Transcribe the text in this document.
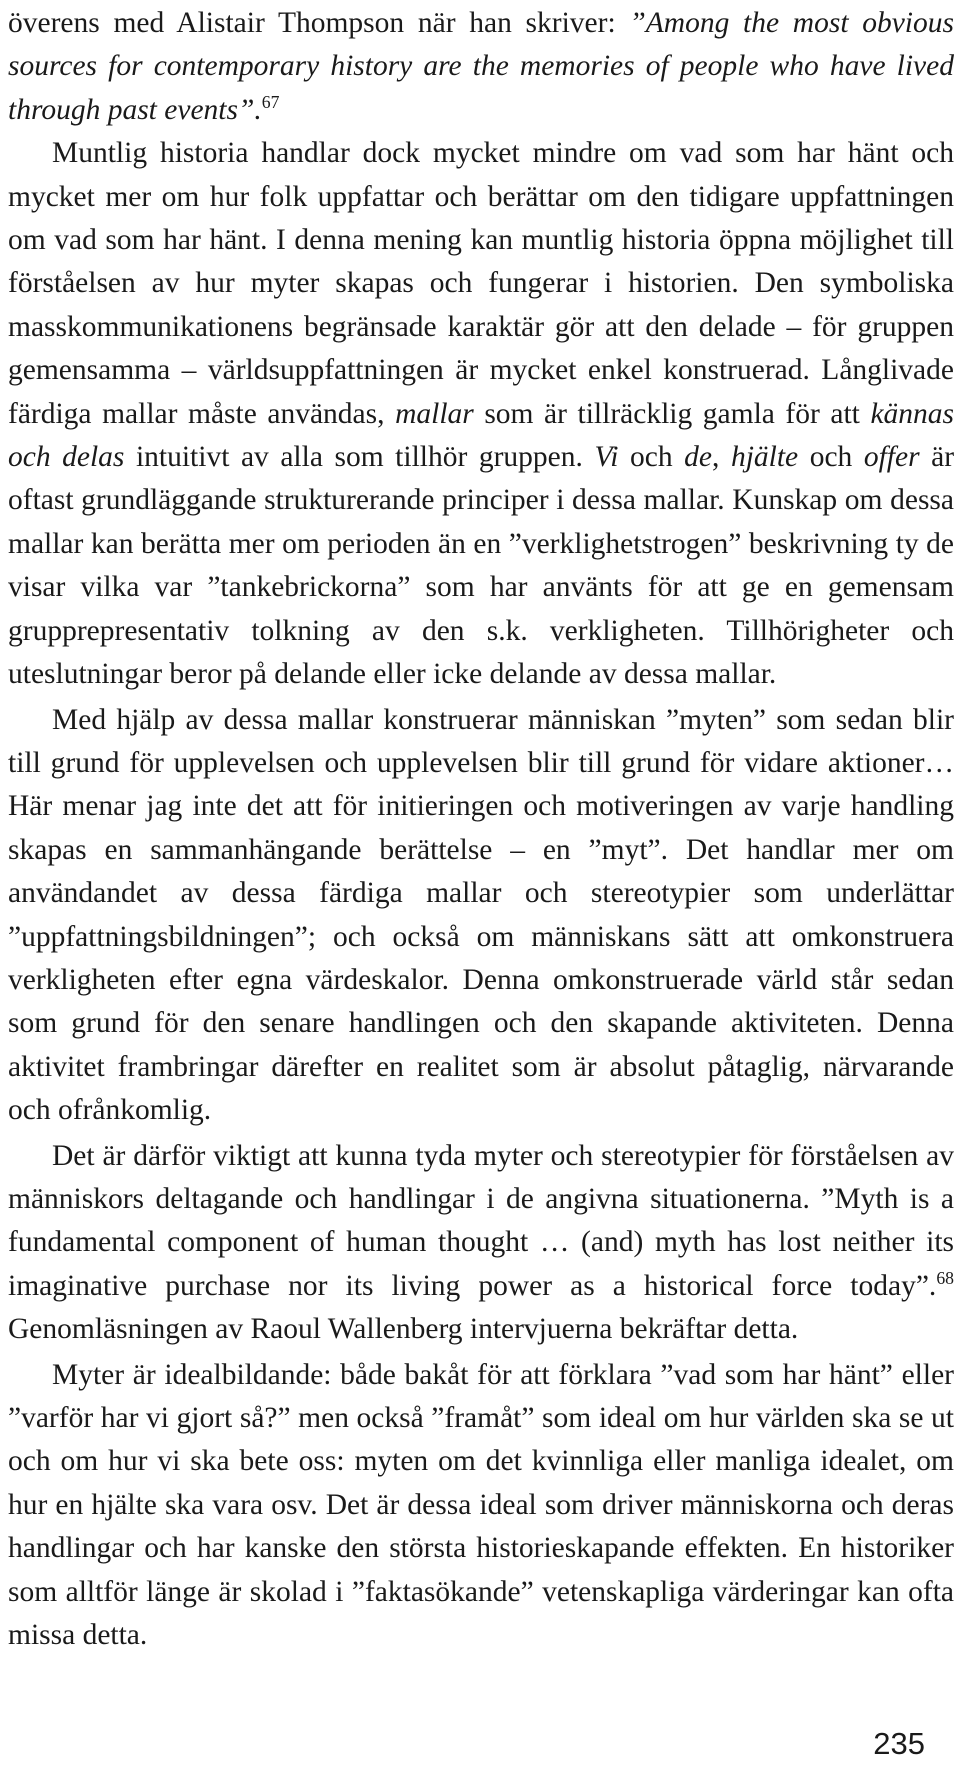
överens med Alistair Thompson när han skriver: ”Among the most obvious sources for contemporary history are the memories of people who have lived through past events”.$^{67}$

Muntlig historia handlar dock mycket mindre om vad som har hänt och mycket mer om hur folk uppfattar och berättar om den tidigare uppfattningen om vad som har hänt. I denna mening kan muntlig historia öppna möjlighet till förståelsen av hur myter skapas och fungerar i historien. Den symboliska masskommunikationens begränsade karaktär gör att den delade – för gruppen gemensamma – världsuppfattningen är mycket enkel konstruerad. Långlivade färdiga mallar måste användas, mallar som är tillräcklig gamla för att kännas och delas intuitivt av alla som tillhör gruppen. Vi och de, hjälte och offer är oftast grundläggande strukturerande principer i dessa mallar. Kunskap om dessa mallar kan berätta mer om perioden än en ”verklighetstrogen” beskrivning ty de visar vilka var ”tankebrickorna” som har använts för att ge en gemensam grupprepresentativ tolkning av den s.k. verkligheten. Tillhörigheter och uteslutningar beror på delande eller icke delande av dessa mallar.

Med hjälp av dessa mallar konstruerar människan ”myten” som sedan blir till grund för upplevelsen och upplevelsen blir till grund för vidare aktioner… Här menar jag inte det att för initieringen och motiveringen av varje handling skapas en sammanhängande berättelse – en ”myt”. Det handlar mer om användandet av dessa färdiga mallar och stereotypier som underlättar ”uppfattningsbildningen”; och också om människans sätt att omkonstruera verkligheten efter egna värdeskalor. Denna omkonstruerade värld står sedan som grund för den senare handlingen och den skapande aktiviteten. Denna aktivitet frambringar därefter en realitet som är absolut påtaglig, närvarande och ofrånkomlig.

Det är därför viktigt att kunna tyda myter och stereotypier för förståelsen av människors deltagande och handlingar i de angivna situationerna. ”Myth is a fundamental component of human thought … (and) myth has lost neither its imaginative purchase nor its living power as a historical force today”.$^{68}$ Genomläsningen av Raoul Wallenberg intervjuerna bekräftar detta.

Myter är idealbildande: både bakåt för att förklara ”vad som har hänt” eller ”varför har vi gjort så?” men också ”framåt” som ideal om hur världen ska se ut och om hur vi ska bete oss: myten om det kvinnliga eller manliga idealet, om hur en hjälte ska vara osv. Det är dessa ideal som driver människorna och deras handlingar och har kanske den största historieskapande effekten. En historiker som alltför länge är skolad i ”faktasökande” vetenskapliga värderingar kan ofta missa detta.

235
